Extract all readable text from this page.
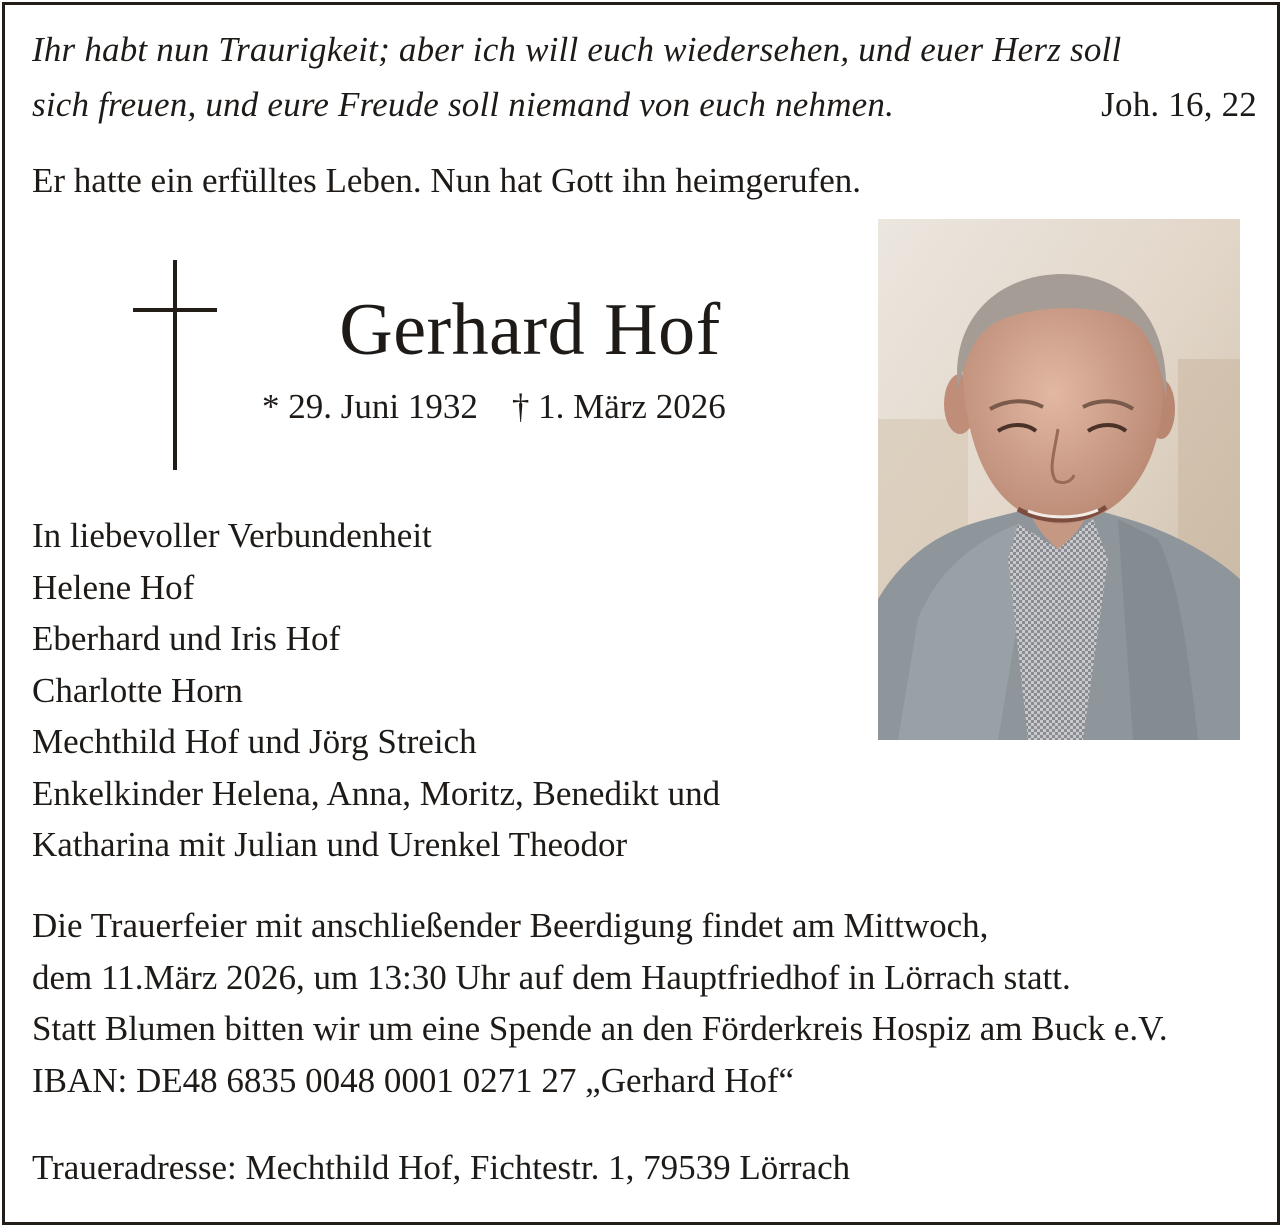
Ihr habt nun Traurigkeit; aber ich will euch wiedersehen, und euer Herz soll
sich freuen, und eure Freude soll niemand von euch nehmen.	Joh. 16, 22
Er hatte ein erfülltes Leben. Nun hat Gott ihn heimgerufen.
Gerhard Hof
* 29. Juni 1932 † 1. März 2026
In liebevoller Verbundenheit
Helene Hof
Eberhard und Iris Hof
Charlotte Horn
Mechthild Hof und Jörg Streich
Enkelkinder Helena, Anna, Moritz, Benedikt und
Katharina mit Julian und Urenkel Theodor
Die Trauerfeier mit anschließender Beerdigung findet am Mittwoch,
dem 11.März 2026, um 13:30 Uhr auf dem Hauptfriedhof in Lörrach statt.
Statt Blumen bitten wir um eine Spende an den Förderkreis Hospiz am Buck e.V.
IBAN: DE48 6835 0048 0001 0271 27 „Gerhard Hof“
Traueradresse: Mechthild Hof, Fichtestr. 1, 79539 Lörrach
